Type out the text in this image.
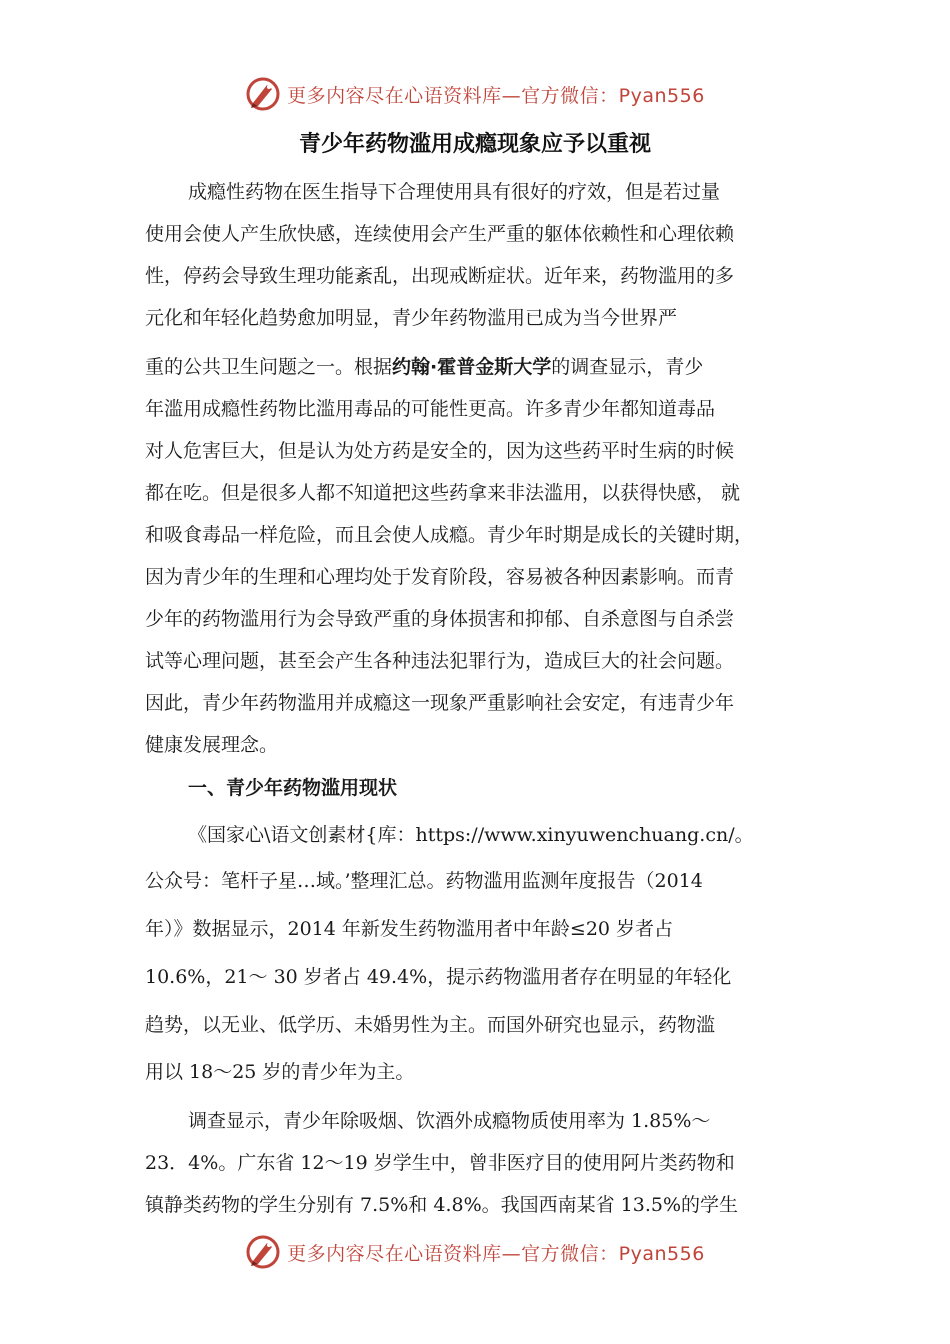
更多内容尽在心语资料库—官方微信：Pyan556
青少年药物滥用成瘾现象应予以重视
成瘾性药物在医生指导下合理使用具有很好的疗效，但是若过量
使用会使人产生欣快感，连续使用会产生严重的躯体依赖性和心理依赖
性，停药会导致生理功能紊乱，出现戒断症状。近年来，药物滥用的多
元化和年轻化趋势愈加明显，青少年药物滥用已成为当今世界严
重的公共卫生问题之一。根据约翰·霍普金斯大学的调查显示，青少
年滥用成瘾性药物比滥用毒品的可能性更高。许多青少年都知道毒品
对人危害巨大，但是认为处方药是安全的，因为这些药平时生病的时候
都在吃。但是很多人都不知道把这些药拿来非法滥用，以获得快感， 就
和吸食毒品一样危险，而且会使人成瘾。青少年时期是成长的关键时期，
因为青少年的生理和心理均处于发育阶段，容易被各种因素影响。而青
少年的药物滥用行为会导致严重的身体损害和抑郁、自杀意图与自杀尝
试等心理问题，甚至会产生各种违法犯罪行为，造成巨大的社会问题。
因此，青少年药物滥用并成瘾这一现象严重影响社会安定，有违青少年
健康发展理念。
一、青少年药物滥用现状
《国家心\语文创素材{库：https://www.xinyuwenchuang.cn/。
公众号：笔杆子星…域。’整理汇总。药物滥用监测年度报告（2014
年）》数据显示，2014 年新发生药物滥用者中年龄≤20 岁者占
10.6%，21～ 30 岁者占 49.4%，提示药物滥用者存在明显的年轻化
趋势，以无业、低学历、未婚男性为主。而国外研究也显示，药物滥
用以 18～25 岁的青少年为主。
调查显示，青少年除吸烟、饮酒外成瘾物质使用率为 1.85%～
23．4%。广东省 12～19 岁学生中，曾非医疗目的使用阿片类药物和
镇静类药物的学生分别有 7.5%和 4.8%。我国西南某省 13.5%的学生
更多内容尽在心语资料库—官方微信：Pyan556
